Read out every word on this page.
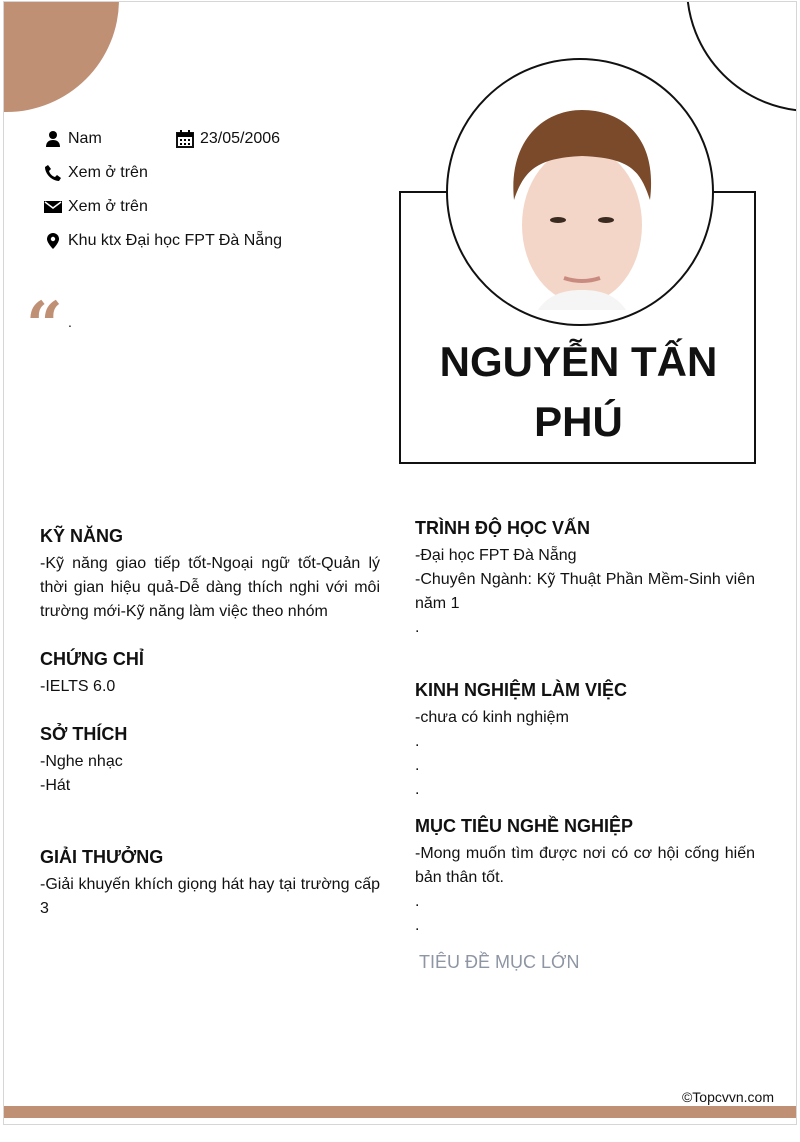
Nam	23/05/2006
Xem ở trên
Xem ở trên
Khu ktx Đại học FPT Đà Nẵng
“ .
NGUYỄN TẤN
PHÚ
KỸ NĂNG

-Kỹ năng giao tiếp tốt-Ngoại ngữ tốt-Quản lý thời gian hiệu quả-Dễ dàng thích nghi với môi trường mới-Kỹ năng làm việc theo nhóm

CHỨNG CHỈ

-IELTS 6.0

SỞ THÍCH

-Nghe nhạc

-Hát

GIẢI THƯỞNG

-Giải khuyến khích giọng hát hay tại trường cấp 3

TRÌNH ĐỘ HỌC VẤN

-Đại học FPT Đà Nẵng

-Chuyên Ngành: Kỹ Thuật Phần Mềm-Sinh viên năm 1

.

KINH NGHIỆM LÀM VIỆC

-chưa có kinh nghiệm

.

.

.

MỤC TIÊU NGHỀ NGHIỆP

-Mong muốn tìm được nơi có cơ hội cống hiến bản thân tốt.

.

.

TIÊU ĐỀ MỤC LỚN
©Topcvvn.com
